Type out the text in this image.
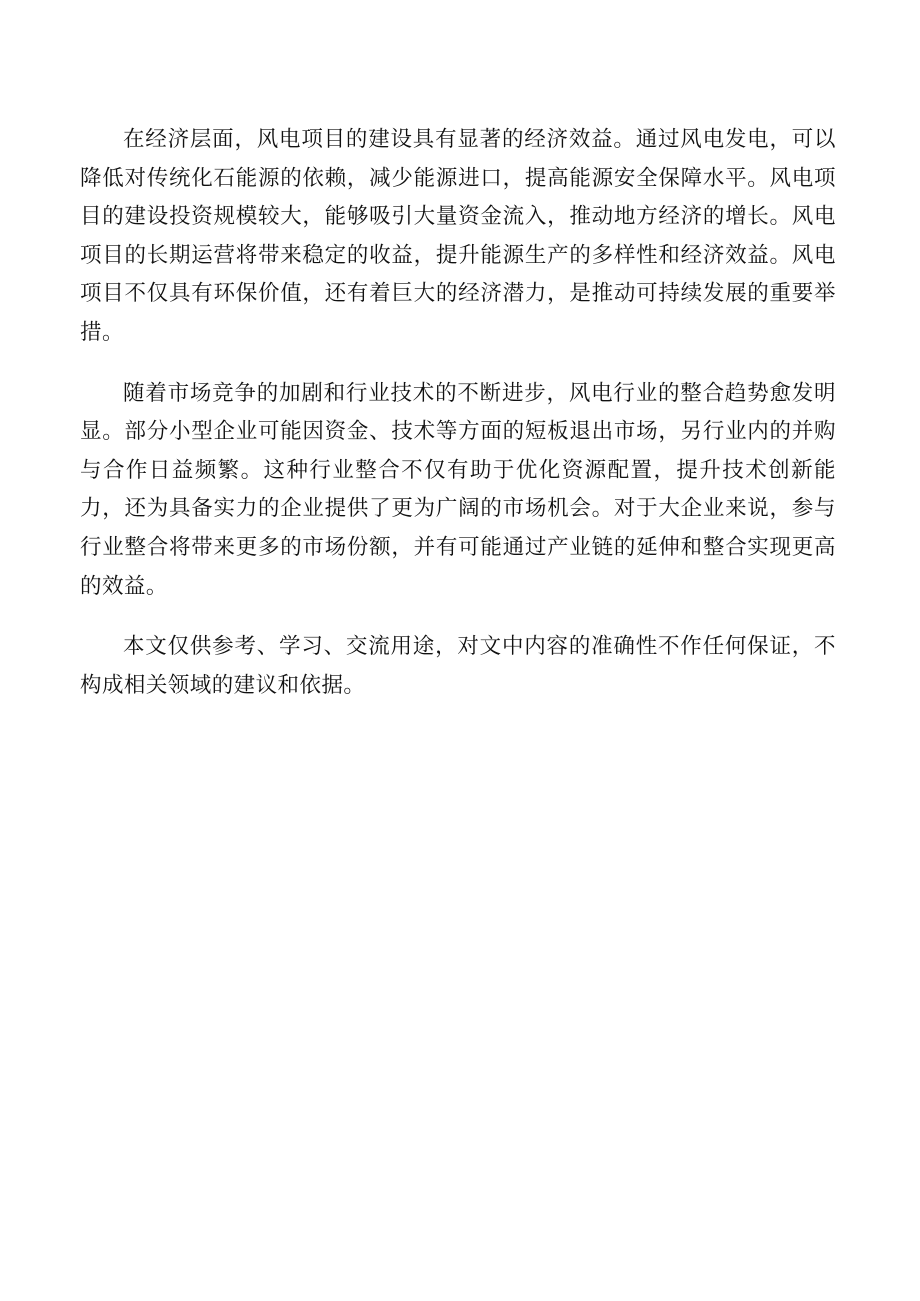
在经济层面，风电项目的建设具有显著的经济效益。通过风电发电，可以降低对传统化石能源的依赖，减少能源进口，提高能源安全保障水平。风电项目的建设投资规模较大，能够吸引大量资金流入，推动地方经济的增长。风电项目的长期运营将带来稳定的收益，提升能源生产的多样性和经济效益。风电项目不仅具有环保价值，还有着巨大的经济潜力，是推动可持续发展的重要举措。

随着市场竞争的加剧和行业技术的不断进步，风电行业的整合趋势愈发明显。部分小型企业可能因资金、技术等方面的短板退出市场，另行业内的并购与合作日益频繁。这种行业整合不仅有助于优化资源配置，提升技术创新能力，还为具备实力的企业提供了更为广阔的市场机会。对于大企业来说，参与行业整合将带来更多的市场份额，并有可能通过产业链的延伸和整合实现更高的效益。

本文仅供参考、学习、交流用途，对文中内容的准确性不作任何保证，不构成相关领域的建议和依据。
